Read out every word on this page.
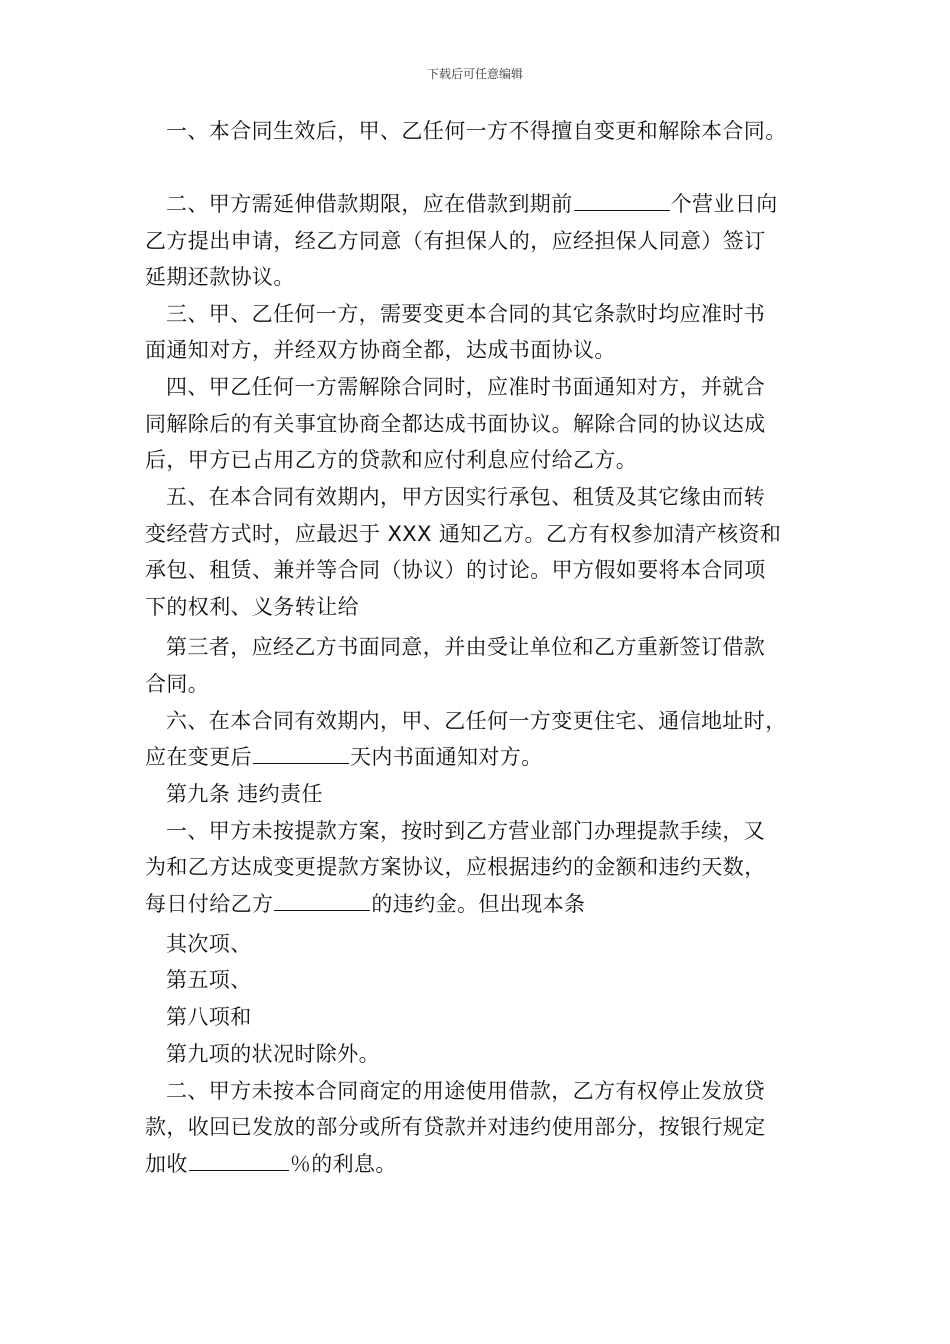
下载后可任意编辑
一、本合同生效后，甲、乙任何一方不得擅自变更和解除本合同。
二、甲方需延伸借款期限，应在借款到期前	个营业日向
乙方提出申请，经乙方同意（有担保人的，应经担保人同意）签订
延期还款协议。
三、甲、乙任何一方，需要变更本合同的其它条款时均应准时书
面通知对方，并经双方协商全都，达成书面协议。
四、甲乙任何一方需解除合同时，应准时书面通知对方，并就合
同解除后的有关事宜协商全都达成书面协议。解除合同的协议达成
后，甲方已占用乙方的贷款和应付利息应付给乙方。
五、在本合同有效期内，甲方因实行承包、租赁及其它缘由而转
变经营方式时，应最迟于 XXX 通知乙方。乙方有权参加清产核资和
承包、租赁、兼并等合同（协议）的讨论。甲方假如要将本合同项
下的权利、义务转让给
第三者，应经乙方书面同意，并由受让单位和乙方重新签订借款
合同。
六、在本合同有效期内，甲、乙任何一方变更住宅、通信地址时，
应在变更后	天内书面通知对方。
第九条 违约责任
一、甲方未按提款方案，按时到乙方营业部门办理提款手续，又
为和乙方达成变更提款方案协议，应根据违约的金额和违约天数，
每日付给乙方	的违约金。但出现本条
其次项、
第五项、
第八项和
第九项的状况时除外。
二、甲方未按本合同商定的用途使用借款，乙方有权停止发放贷
款，收回已发放的部分或所有贷款并对违约使用部分，按银行规定
加收	％的利息。
